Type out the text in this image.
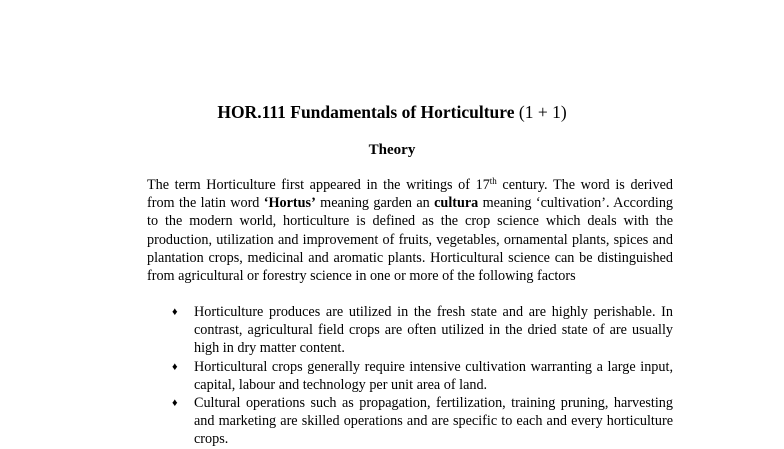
HOR.111 Fundamentals of Horticulture (1 + 1)
Theory
The term Horticulture first appeared in the writings of 17th century. The word is derived from the latin word ‘Hortus’ meaning garden an cultura meaning ‘cultivation’. According to the modern world, horticulture is defined as the crop science which deals with the production, utilization and improvement of fruits, vegetables, ornamental plants, spices and plantation crops, medicinal and aromatic plants. Horticultural science can be distinguished from agricultural or forestry science in one or more of the following factors
♦ Horticulture produces are utilized in the fresh state and are highly perishable. In contrast, agricultural field crops are often utilized in the dried state of are usually high in dry matter content.
♦ Horticultural crops generally require intensive cultivation warranting a large input, capital, labour and technology per unit area of land.
♦ Cultural operations such as propagation, fertilization, training pruning, harvesting and marketing are skilled operations and are specific to each and every horticulture crops.
